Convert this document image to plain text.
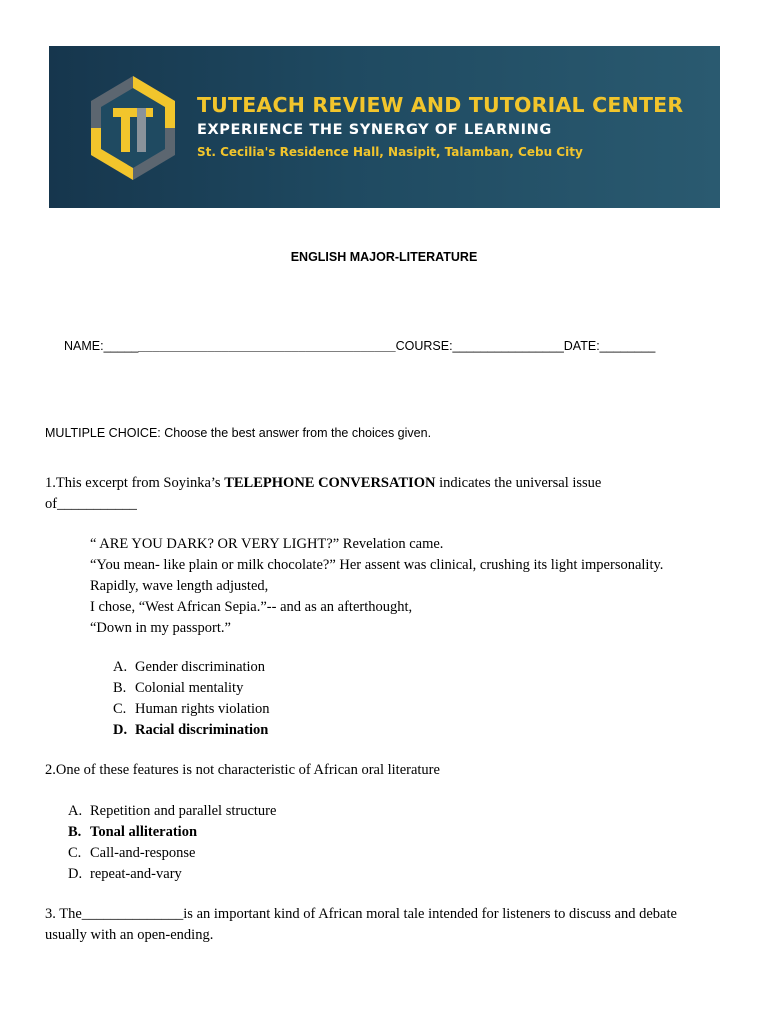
TUTEACH REVIEW AND TUTORIAL CENTER
EXPERIENCE THE SYNERGY OF LEARNING
St. Cecilia's Residence Hall, Nasipit, Talamban, Cebu City
ENGLISH MAJOR-LITERATURE
NAME:__________________________________________COURSE:________________DATE:________
MULTIPLE CHOICE: Choose the best answer from the choices given.
1.This excerpt from Soyinka’s TELEPHONE CONVERSATION indicates the universal issue
of___________
“ ARE YOU DARK? OR VERY LIGHT?” Revelation came.
“You mean- like plain or milk chocolate?” Her assent was clinical, crushing its light impersonality.
Rapidly, wave length adjusted,
I chose, “West African Sepia.”-- and as an afterthought,
“Down in my passport.”
A. Gender discrimination
B. Colonial mentality
C. Human rights violation
D. Racial discrimination
2.One of these features is not characteristic of African oral literature
A. Repetition and parallel structure
B. Tonal alliteration
C. Call-and-response
D. repeat-and-vary
3. The______________is an important kind of African moral tale intended for listeners to discuss and debate
usually with an open-ending.
